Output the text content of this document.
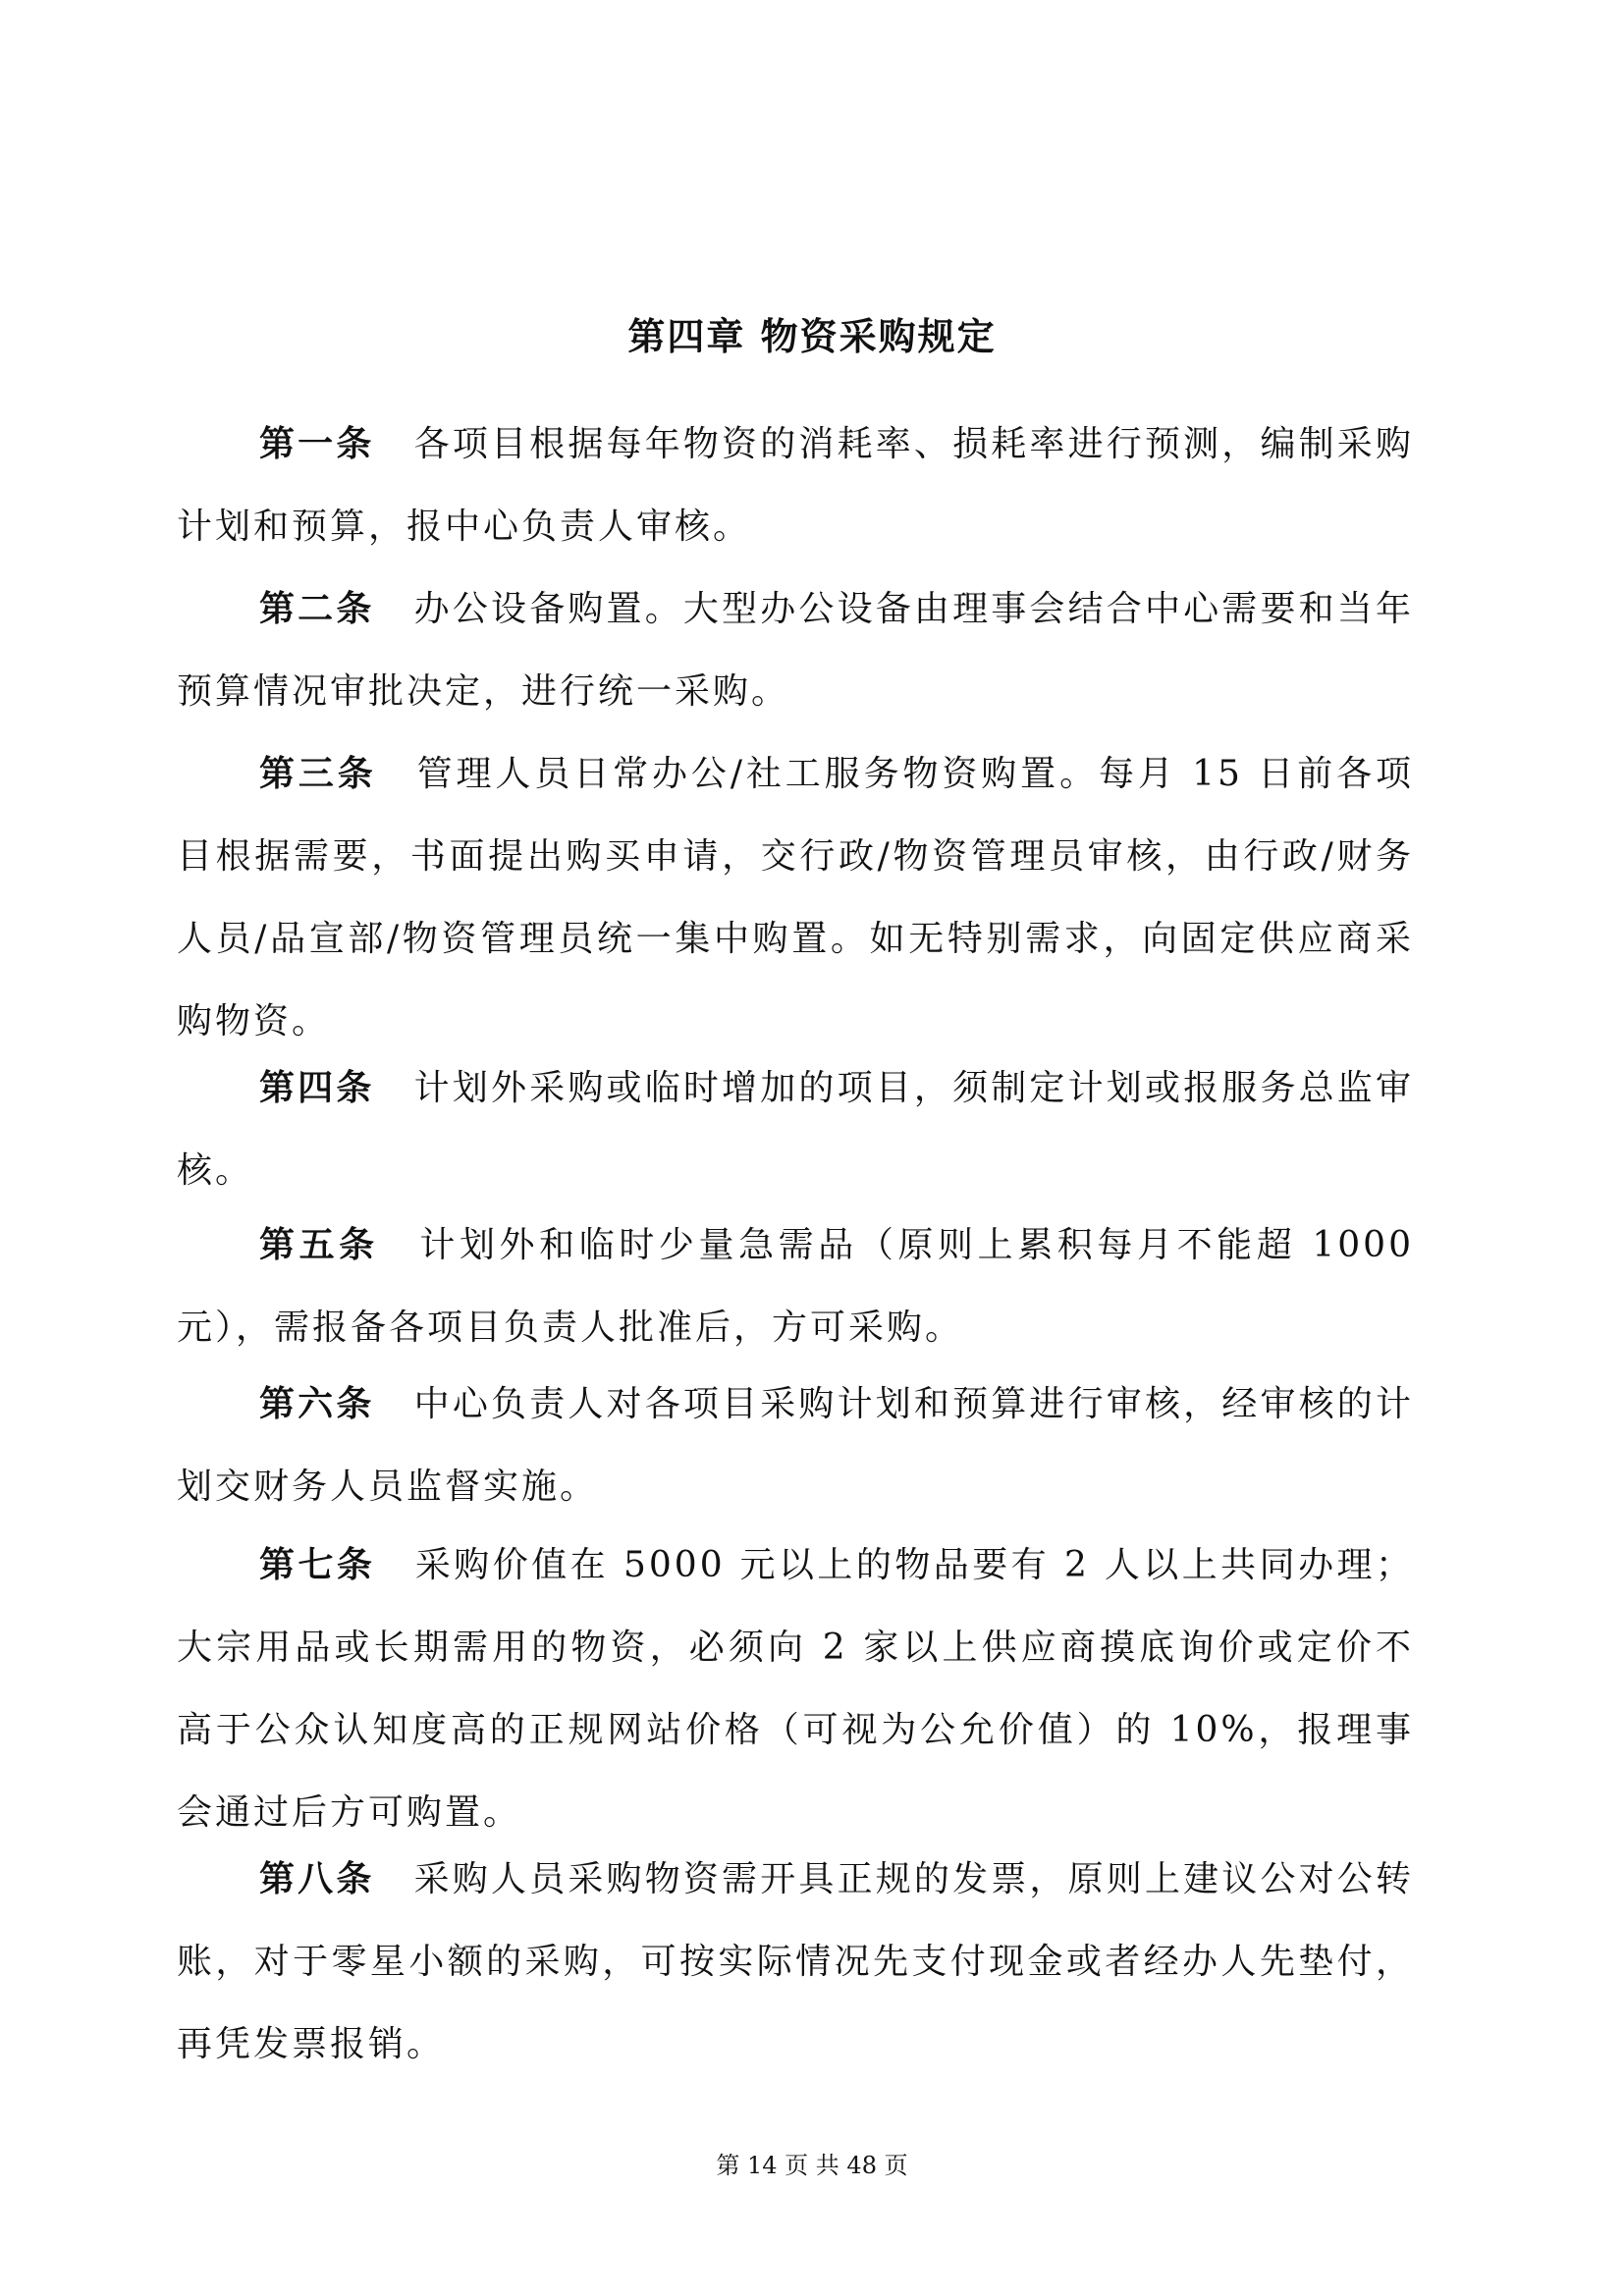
第四章 物资采购规定

第一条 各项目根据每年物资的消耗率、损耗率进行预测，编制采购计划和预算，报中心负责人审核。

第二条 办公设备购置。大型办公设备由理事会结合中心需要和当年预算情况审批决定，进行统一采购。

第三条 管理人员日常办公/社工服务物资购置。每月 15 日前各项目根据需要，书面提出购买申请，交行政/物资管理员审核，由行政/财务人员/品宣部/物资管理员统一集中购置。如无特别需求，向固定供应商采购物资。

第四条 计划外采购或临时增加的项目，须制定计划或报服务总监审核。

第五条 计划外和临时少量急需品（原则上累积每月不能超 1000 元），需报备各项目负责人批准后，方可采购。

第六条 中心负责人对各项目采购计划和预算进行审核，经审核的计划交财务人员监督实施。

第七条 采购价值在 5000 元以上的物品要有 2 人以上共同办理；大宗用品或长期需用的物资，必须向 2 家以上供应商摸底询价或定价不高于公众认知度高的正规网站价格（可视为公允价值）的 10%，报理事会通过后方可购置。

第八条 采购人员采购物资需开具正规的发票，原则上建议公对公转账，对于零星小额的采购，可按实际情况先支付现金或者经办人先垫付，再凭发票报销。

第 14 页 共 48 页
